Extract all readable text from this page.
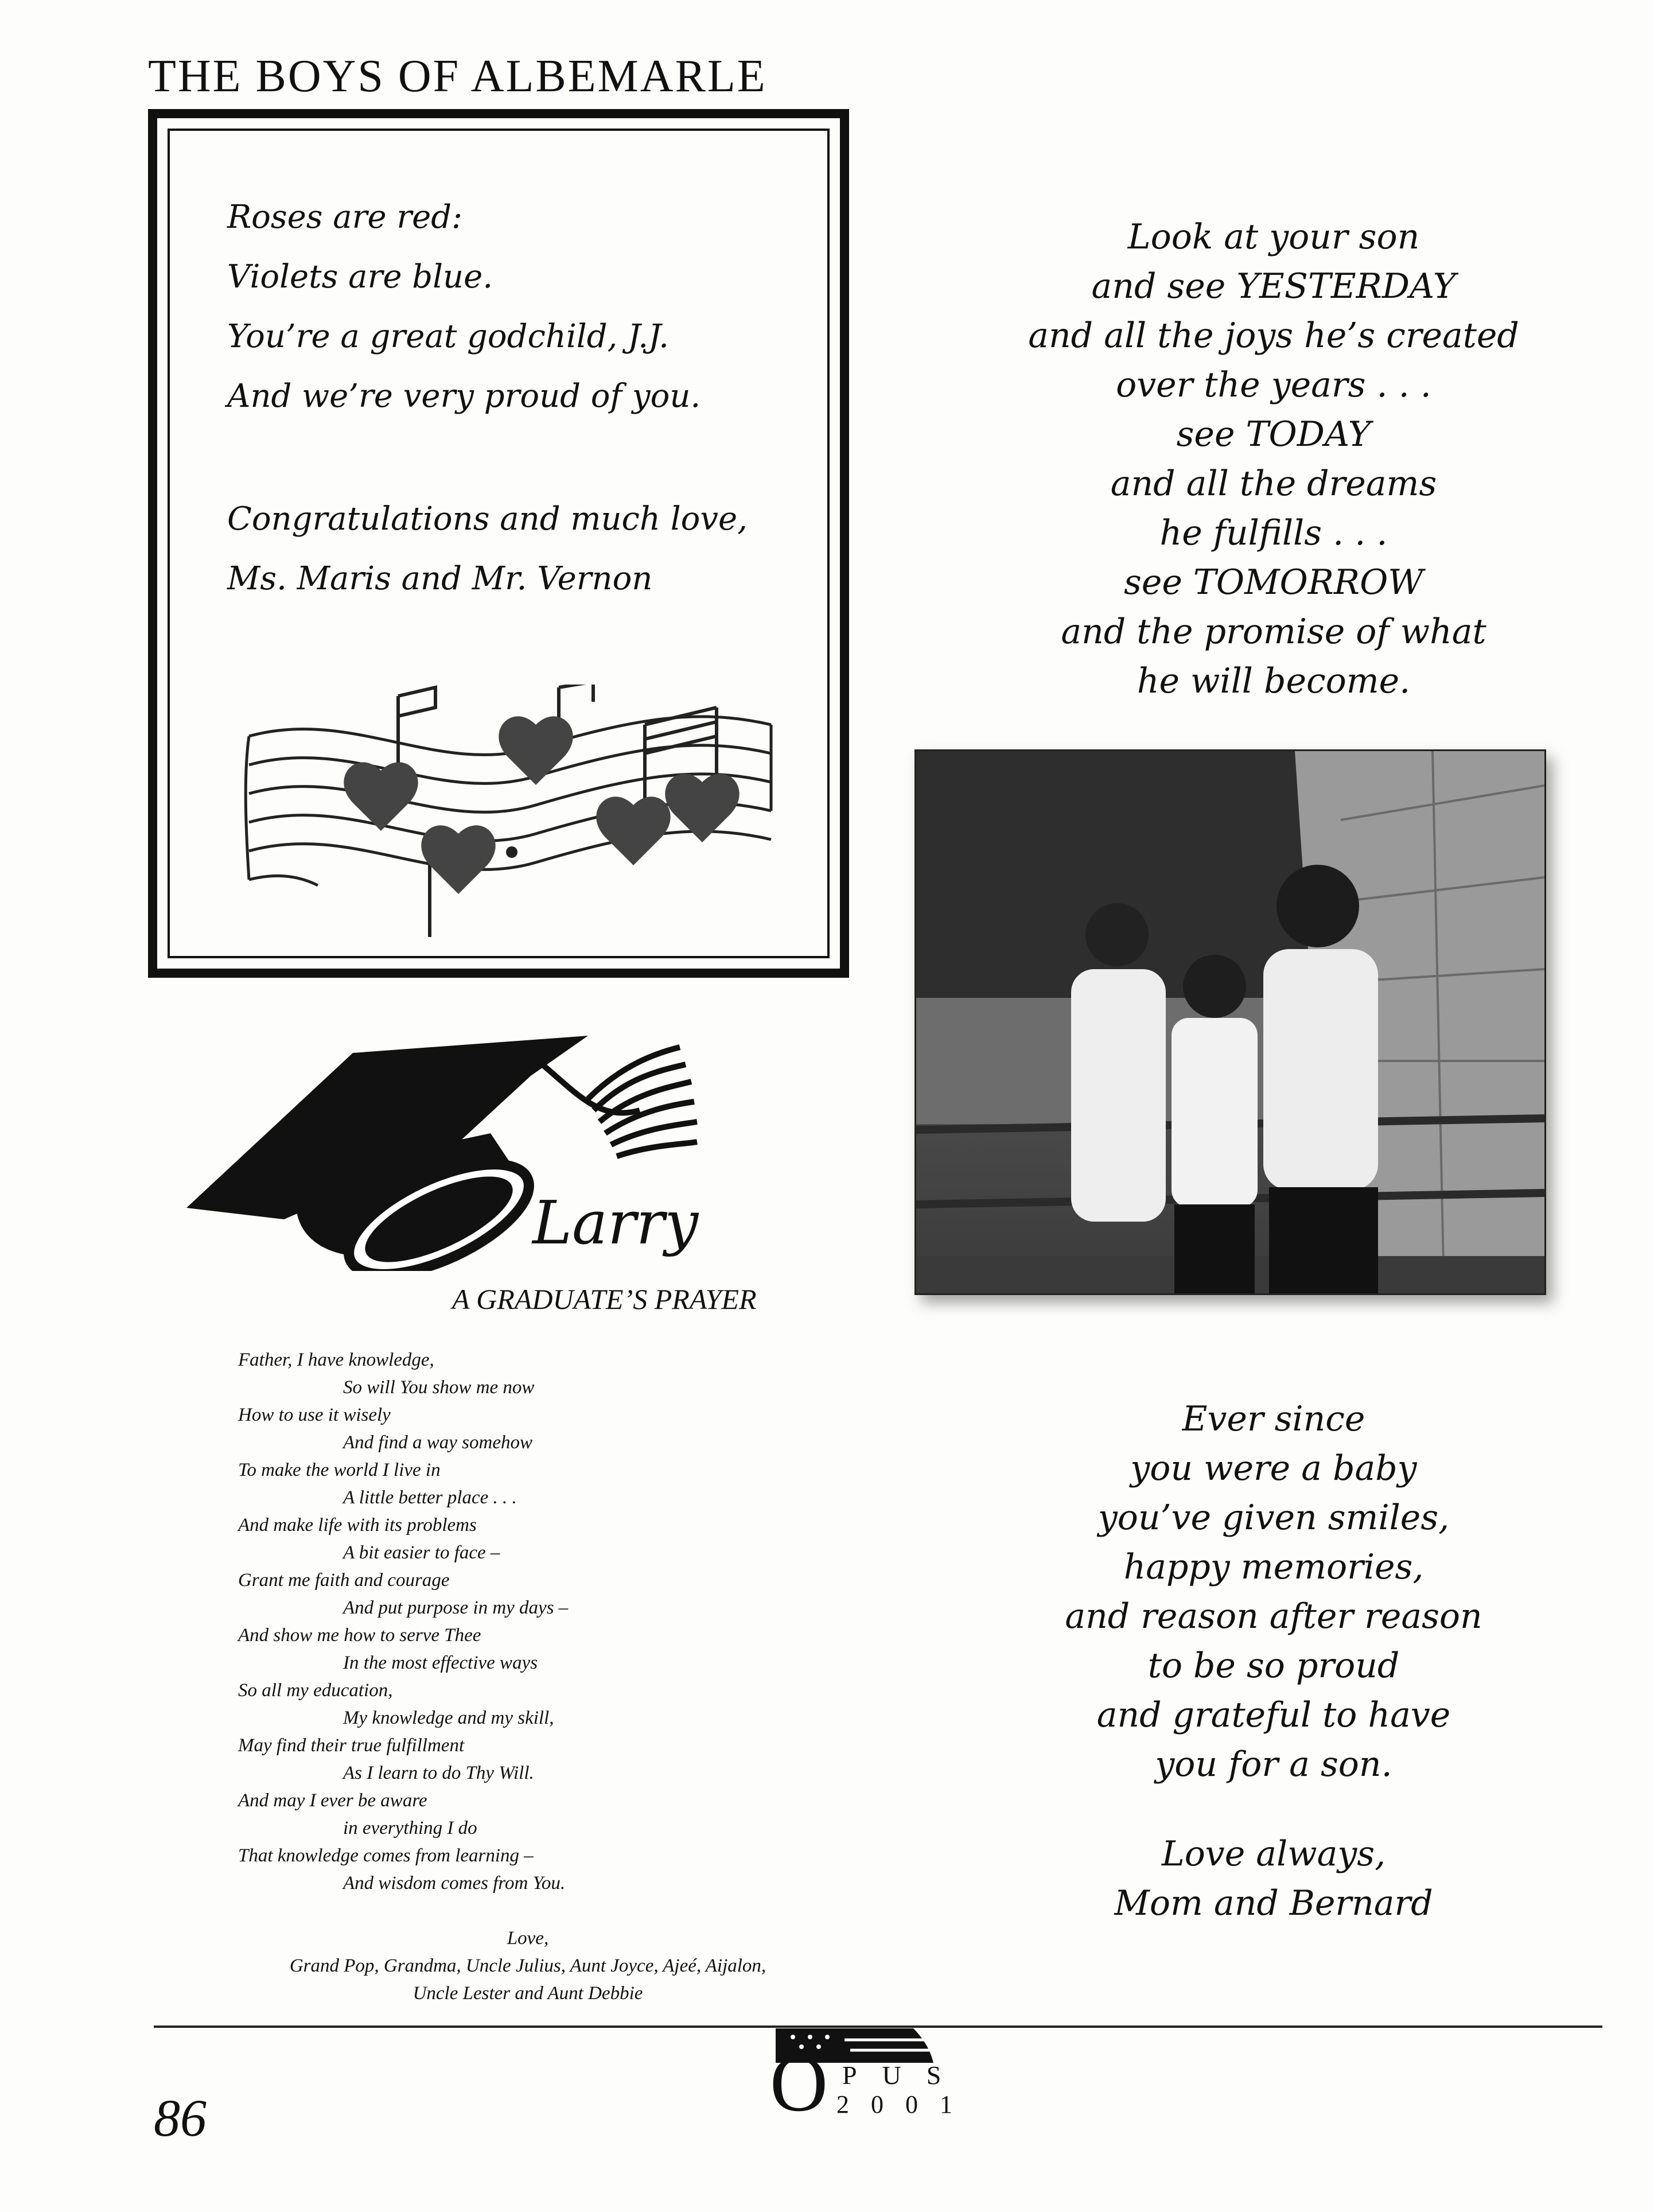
THE BOYS OF ALBEMARLE
Roses are red:
Violets are blue.
You’re a great godchild, J.J.
And we’re very proud of you.
Congratulations and much love,
Ms. Maris and Mr. Vernon
Look at your son
and see YESTERDAY
and all the joys he’s created
over the years . . .
see TODAY
and all the dreams
he fulfills . . .
see TOMORROW
and the promise of what
he will become.
Larry
A GRADUATE’S PRAYER
Father, I have knowledge,
So will You show me now
How to use it wisely
And find a way somehow
To make the world I live in
A little better place . . .
And make life with its problems
A bit easier to face –
Grant me faith and courage
And put purpose in my days –
And show me how to serve Thee
In the most effective ways
So all my education,
My knowledge and my skill,
May find their true fulfillment
As I learn to do Thy Will.
And may I ever be aware
in everything I do
That knowledge comes from learning –
And wisdom comes from You.
Love,
Grand Pop, Grandma, Uncle Julius, Aunt Joyce, Ajeé, Aijalon,
Uncle Lester and Aunt Debbie
Ever since
you were a baby
you’ve given smiles,
happy memories,
and reason after reason
to be so proud
and grateful to have
you for a son.
Love always,
Mom and Bernard
86	O PUS
2001
